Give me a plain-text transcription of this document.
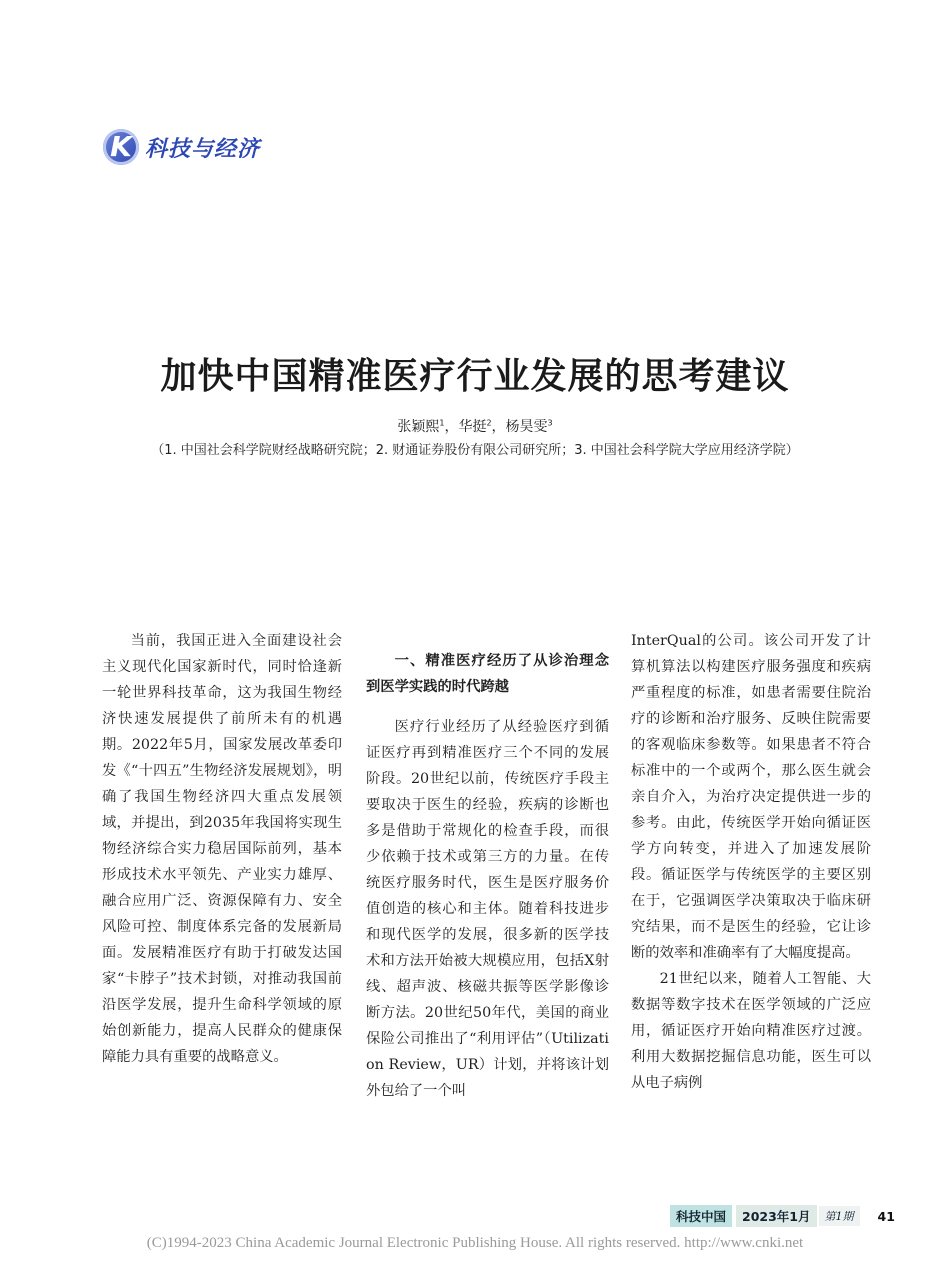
K 科技与经济
加快中国精准医疗行业发展的思考建议
张颖熙$^1$，华挺$^2$，杨昊雯$^3$
（1. 中国社会科学院财经战略研究院；2. 财通证券股份有限公司研究所；3. 中国社会科学院大学应用经济学院）

当前，我国正进入全面建设社会主义现代化国家新时代，同时恰逢新一轮世界科技革命，这为我国生物经济快速发展提供了前所未有的机遇期。2022年5月，国家发展改革委印发《“十四五”生物经济发展规划》，明确了我国生物经济四大重点发展领域，并提出，到2035年我国将实现生物经济综合实力稳居国际前列，基本形成技术水平领先、产业实力雄厚、融合应用广泛、资源保障有力、安全风险可控、制度体系完备的发展新局面。发展精准医疗有助于打破发达国家“卡脖子”技术封锁，对推动我国前沿医学发展，提升生命科学领域的原始创新能力，提高人民群众的健康保障能力具有重要的战略意义。

一、精准医疗经历了从诊治理念到医学实践的时代跨越

医疗行业经历了从经验医疗到循证医疗再到精准医疗三个不同的发展阶段。20世纪以前，传统医疗手段主要取决于医生的经验，疾病的诊断也多是借助于常规化的检查手段，而很少依赖于技术或第三方的力量。在传统医疗服务时代，医生是医疗服务价值创造的核心和主体。随着科技进步和现代医学的发展，很多新的医学技术和方法开始被大规模应用，包括X射线、超声波、核磁共振等医学影像诊断方法。20世纪50年代，美国的商业保险公司推出了“利用评估”（Utilization Review，UR）计划，并将该计划外包给了一个叫

InterQual的公司。该公司开发了计算机算法以构建医疗服务强度和疾病严重程度的标准，如患者需要住院治疗的诊断和治疗服务、反映住院需要的客观临床参数等。如果患者不符合标准中的一个或两个，那么医生就会亲自介入，为治疗决定提供进一步的参考。由此，传统医学开始向循证医学方向转变，并进入了加速发展阶段。循证医学与传统医学的主要区别在于，它强调医学决策取决于临床研究结果，而不是医生的经验，它让诊断的效率和准确率有了大幅度提高。

21世纪以来，随着人工智能、大数据等数字技术在医学领域的广泛应用，循证医疗开始向精准医疗过渡。利用大数据挖掘信息功能，医生可以从电子病例

科技中国	2023年1月	第1期	41
(C)1994-2023 China Academic Journal Electronic Publishing House. All rights reserved. http://www.cnki.net
